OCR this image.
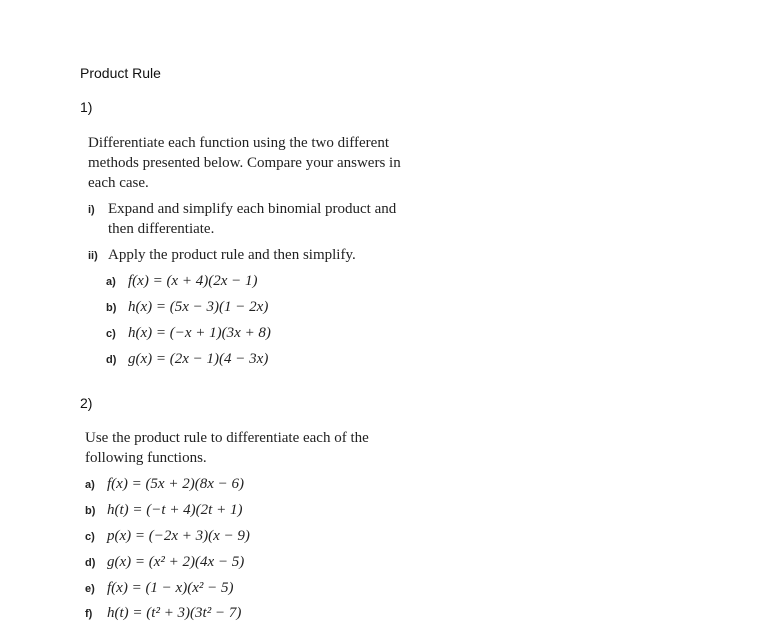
Product Rule
1)
Differentiate each function using the two different methods presented below. Compare your answers in each case.
i) Expand and simplify each binomial product and then differentiate.
ii) Apply the product rule and then simplify.
a) f(x) = (x + 4)(2x − 1)
b) h(x) = (5x − 3)(1 − 2x)
c) h(x) = (−x + 1)(3x + 8)
d) g(x) = (2x − 1)(4 − 3x)
2)
Use the product rule to differentiate each of the following functions.
a) f(x) = (5x + 2)(8x − 6)
b) h(t) = (−t + 4)(2t + 1)
c) p(x) = (−2x + 3)(x − 9)
d) g(x) = (x² + 2)(4x − 5)
e) f(x) = (1 − x)(x² − 5)
f) h(t) = (t² + 3)(3t² − 7)
